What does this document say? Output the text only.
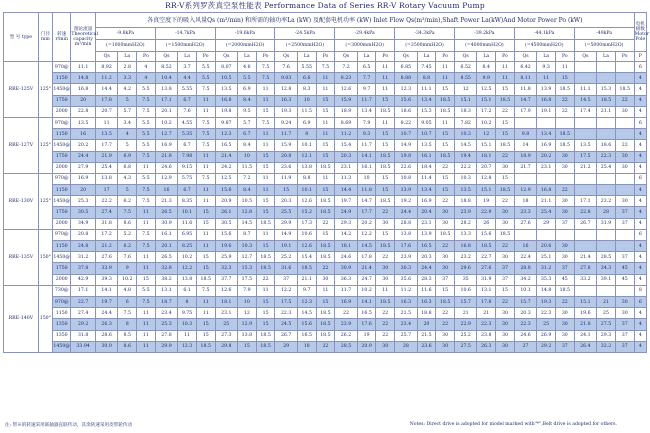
RR-V系列罗茨真空泵性能表 Performance Data of Series RR-V Rotary Vacuum Pump
型 号 type	门径 mm	转速 r/min	理论流量 Theoretical capacity m³/min	各真空度下的吸入风量Qs (m³/min) 和所需的轴功率La (kW) 及配套电机功率 (kW) Inlet Flow Qs(m³/min),Shaft Power La(kW)And Motor Power Po (kW)																											电机 极数 Motor Pole
				-9.8kPa			-14.7kPa			-19.6kPa			-24.5kPa			-29.4kPa			-34.3kPa			-39.2kPa			-44.1kPa			-49kPa			
				(=1000mmH2O)			(=1500mmH2O)			(=2000mmH2O)			(=2500mmH2O)			(=3000mmH2O)			(=3500mmH2O)			(=4000mmH2O)			(=4500mmH2O)			(=5000mmH2O)			
				Qs	La	Po	Qs	La	Po	Qs	La	Po	Qs	La	Po	Qs	La	Po	Qs	La	Po	Qs	La	Po	Qs	La	Po	Qs	La	Po	P
RRE-125V	125°	970@	11.1	8.92	2.8	4	8.52	3.7	5.5	8.07	4.6	7.5	7.6	5.55	7.5	7.2	6.5	11	6.85	7.45	11	6.52	8.4	11	6.42	9.3	11				6
		1150	14.8	11.2	3.3	4	10.4	4.4	5.5	10.5	5.5	7.5	9.03	6.6	11	8.23	7.7	11	8.88	8.8	11	8.55	9.9	11	8.11	11	15				4
		1450@	16.8	14.4	4.2	5.5	13.8	5.55	7.5	13.5	6.9	11	12.8	8.3	11	12.6	9.7	11	12.3	11.1	15	12	12.5	15	11.8	13.9	18.5	11.1	15.3	18.5	4
		1750	20	17.8	5	7.5	17.1	6.7	11	16.8	8.4	11	16.3	10	15	15.9	11.7	15	15.6	13.4	18.5	15.1	15.1	18.5	14.7	16.8	22	14.5	18.5	22	4
		2000	22.8	20.7	5.7	7.5	20.1	7.6	11	19.8	9.5	15	19.3	11.5	15	18.9	13.4	18.5	18.6	15.3	18.5	18.3	17.2	22	17.9	19.1	22	17.4	21.1	30	4
RRE-127V	125°	970@	13.5	11	3.4	5.5	10.2	4.55	7.5	9.87	5.7	7.5	9.24	6.9	11	8.69	7.9	11	8.22	9.05	11	7.82	10.2	15							6
		1150	16	13.5	4	5.5	12.7	5.35	7.5	12.3	6.7	11	11.7	8	11	11.2	9.3	15	10.7	10.7	15	10.3	12	15	9.8	13.4	18.5				4
		1450@	20.2	17.7	5	5.5	16.9	6.7	7.5	16.5	8.4	11	15.9	10.1	15	15.4	11.7	15	14.9	13.5	15	14.5	15.1	18.5	14	16.9	18.5	13.5	18.6	22	4
		1750	24.4	21.9	6.9	7.5	21.8	7.98	11	21.4	10	15	20.8	12.1	15	20.3	14.1	18.5	19.8	16.1	18.5	19.4	18.1	22	18.9	20.2	30	17.5	22.3	30	4
		2000	27.9	25.4	6.8	11	24.6	9.15	11	24.2	11.5	15	23.6	13.8	18.5	23.1	16.1	18.5	22.6	18.4	22	22.2	20.7	30	21.7	23.1	30	21.2	25.4	30	4
RRE-130V	125°	970@	16.9	13.8	4.3	5.5	12.9	5.75	7.5	12.5	7.2	11	11.9	8.8	11	11.3	10	15	10.8	11.4	15	10.3	12.8	15							6
		1150	20	17	5	7.5	16	6.7	11	15.6	8.4	11	15	10.1	15	14.4	11.8	15	13.9	13.4	15	13.5	15.1	18.5	12.9	16.8	22				4
		1450@	25.3	22.2	6.2	7.5	21.3	8.35	11	20.9	10.5	15	20.3	12.6	18.5	19.7	14.7	18.5	19.2	16.9	22	18.8	19	22	18	21.1	30	17.1	23.2	30	4
		1750	30.5	27.4	7.5	11	26.5	10.1	15	26.1	12.8	15	25.5	15.2	18.5	24.9	17.7	22	24.4	20.4	30	23.9	22.9	30	23.3	25.4	30	22.8	28	37	4
		2000	34.9	31.8	8.6	11	30.9	11.6	15	30.5	14.5	18.5	29.9	17.3	22	29.3	20.2	30	28.8	23.1	30	28.2	26	30	27.6	29	37	26.7	31.9	37	4
RRE-135V	150°	970@	20.8	17.2	5.2	7.5	16.1	6.95	11	15.6	8.7	11	14.9	10.6	15	14.2	12.2	15	13.8	13.9	18.5	13.3	15.6	18.5							6
		1150	24.8	21.2	6.2	7.5	20.1	8.25	11	19.6	10.3	15	19.1	12.6	18.5	18.1	14.5	18.5	17.6	16.5	22	16.8	18.5	22	16	20.6	30				4
		1450@	31.2	27.6	7.6	11	26.5	10.2	15	25.9	12.7	18.5	25.2	15.4	18.5	24.6	17.8	22	23.9	20.3	30	23.2	22.7	30	22.4	25.1	30	21.4	28.5	37	4
		1750	37.8	33.9	9	11	32.8	12.2	15	32.3	15.3	18.5	31.6	18.5	22	30.9	21.4	30	30.3	24.4	30	29.6	27.6	37	28.8	31.2	37	27.8	34.3	45	4
		2000	42.9	39.3	10.2	15	38.2	13.8	18.5	37.7	17.5	22	37	21.1	30	36.3	24.7	30	35.6	28.3	37	35	31.9	37	34.2	35.3	45	33.2	39.1	45	4
RRE-140V	150°	730@	17.1	14.1	4.8	5.5	13.1	6.1	7.5	12.6	7.9	11	12.2	9.7	11	11.7	10.2	11	11.2	11.6	15	10.6	13.1	15	10.1	14.8	18.5				8
		970@	22.7	19.7	6	7.5	18.7	8	11	18.1	10	15	17.5	12.3	15	16.9	14.1	18.5	16.3	16.3	18.5	15.7	17.8	22	15.7	19.3	22	15.1	21	30	6
		1150	27.4	24.4	7.5	11	23.4	9.75	11	23.1	12	15	22.3	14.5	18.5	22	16.5	22	21.5	18.8	22	21	21	30	20.3	22.3	30	19.6	25	30	4
		1350	29.2	26.3	8	11	25.3	10.3	15	25	12.9	15	24.5	15.6	18.5	23.9	17.6	22	23.4	20	22	22.9	22.3	30	22.3	25	30	21.8	27.5	37	4
		1350	31.8	28.6	8.5	11	27.8	11	15	27.3	13.8	18.5	26.7	16.5	18.5	26.2	19	22	25.7	21.5	30	25.2	23.8	30	24.6	26.9	30	24.1	29.3	37	4
		1450@	33.94	30.9	8.6	11	29.9	12.3	18.5	29.8	15	18.5	29	18	22	28.5	20.9	30	28	23.6	30	27.5	26.3	30	27	29.2	37	26.4	32.2	37	4
注: 带※的转速采用联轴器直联传动，其余转速采用皮带轮传动	Notes: Direct drive is adopted for model marked with"*",Belt drive is adopted for others.
